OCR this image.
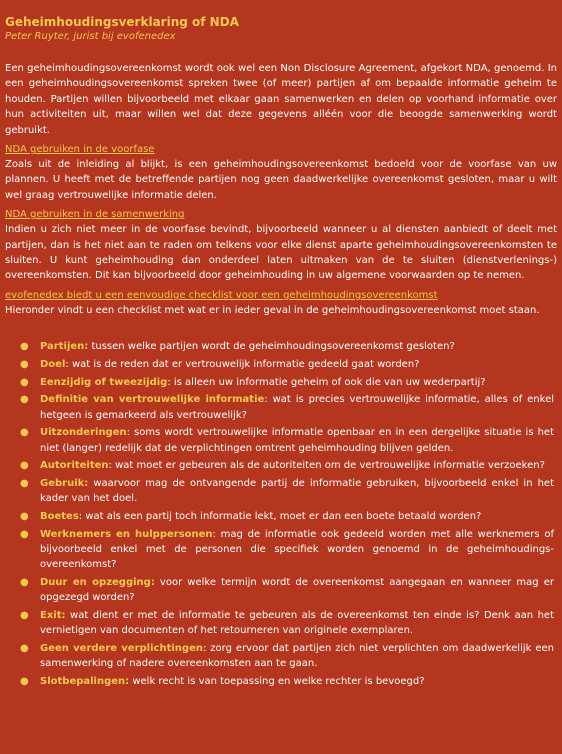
Geheimhoudingsverklaring of NDA

Peter Ruyter, jurist bij evofenedex

Een geheimhoudingsovereenkomst wordt ook wel een Non Disclosure Agreement, afgekort NDA, genoemd. In een geheimhoudingsovereenkomst spreken twee (of meer) partijen af om bepaalde informatie geheim te houden. Partijen willen bijvoorbeeld met elkaar gaan samenwerken en delen op voorhand informatie over hun activiteiten uit, maar willen wel dat deze gegevens alléén voor die beoogde samenwerking wordt gebruikt.

NDA gebruiken in de voorfase

Zoals uit de inleiding al blijkt, is een geheimhoudingsovereenkomst bedoeld voor de voorfase van uw plannen. U heeft met de betreffende partijen nog geen daadwerkelijke overeenkomst gesloten, maar u wilt wel graag vertrouwelijke informatie delen.

NDA gebruiken in de samenwerking

Indien u zich niet meer in de voorfase bevindt, bijvoorbeeld wanneer u al diensten aanbiedt of deelt met partijen, dan is het niet aan te raden om telkens voor elke dienst aparte geheimhoudingsovereenkomsten te sluiten. U kunt geheimhouding dan onderdeel laten uitmaken van de te sluiten (dienstverlenings-) overeenkomsten. Dit kan bijvoorbeeld door geheimhouding in uw algemene voorwaarden op te nemen.

evofenedex biedt u een eenvoudige checklist voor een geheimhoudingsovereenkomst

Hieronder vindt u een checklist met wat er in ieder geval in de geheimhoudingsovereenkomst moet staan.

● Partijen: tussen welke partijen wordt de geheimhoudingsovereenkomst gesloten?
● Doel: wat is de reden dat er vertrouwelijk informatie gedeeld gaat worden?
● Eenzijdig of tweezijdig: is alleen uw informatie geheim of ook die van uw wederpartij?
● Definitie van vertrouwelijke informatie: wat is precies vertrouwelijke informatie, alles of enkel hetgeen is gemarkeerd als vertrouwelijk?
● Uitzonderingen: soms wordt vertrouwelijke informatie openbaar en in een dergelijke situatie is het niet (langer) redelijk dat de verplichtingen omtrent geheimhouding blijven gelden.
● Autoriteiten: wat moet er gebeuren als de autoriteiten om de vertrouwelijke informatie verzoeken?
● Gebruik: waarvoor mag de ontvangende partij de informatie gebruiken, bijvoorbeeld enkel in het kader van het doel.
● Boetes: wat als een partij toch informatie lekt, moet er dan een boete betaald worden?
● Werknemers en hulppersonen: mag de informatie ook gedeeld worden met alle werknemers of bijvoorbeeld enkel met de personen die specifiek worden genoemd in de geheimhoudingsovereenkomst?
● Duur en opzegging: voor welke termijn wordt de overeenkomst aangegaan en wanneer mag er opgezegd worden?
● Exit: wat dient er met de informatie te gebeuren als de overeenkomst ten einde is? Denk aan het vernietigen van documenten of het retourneren van originele exemplaren.
● Geen verdere verplichtingen: zorg ervoor dat partijen zich niet verplichten om daadwerkelijk een samenwerking of nadere overeenkomsten aan te gaan.
● Slotbepalingen: welk recht is van toepassing en welke rechter is bevoegd?
